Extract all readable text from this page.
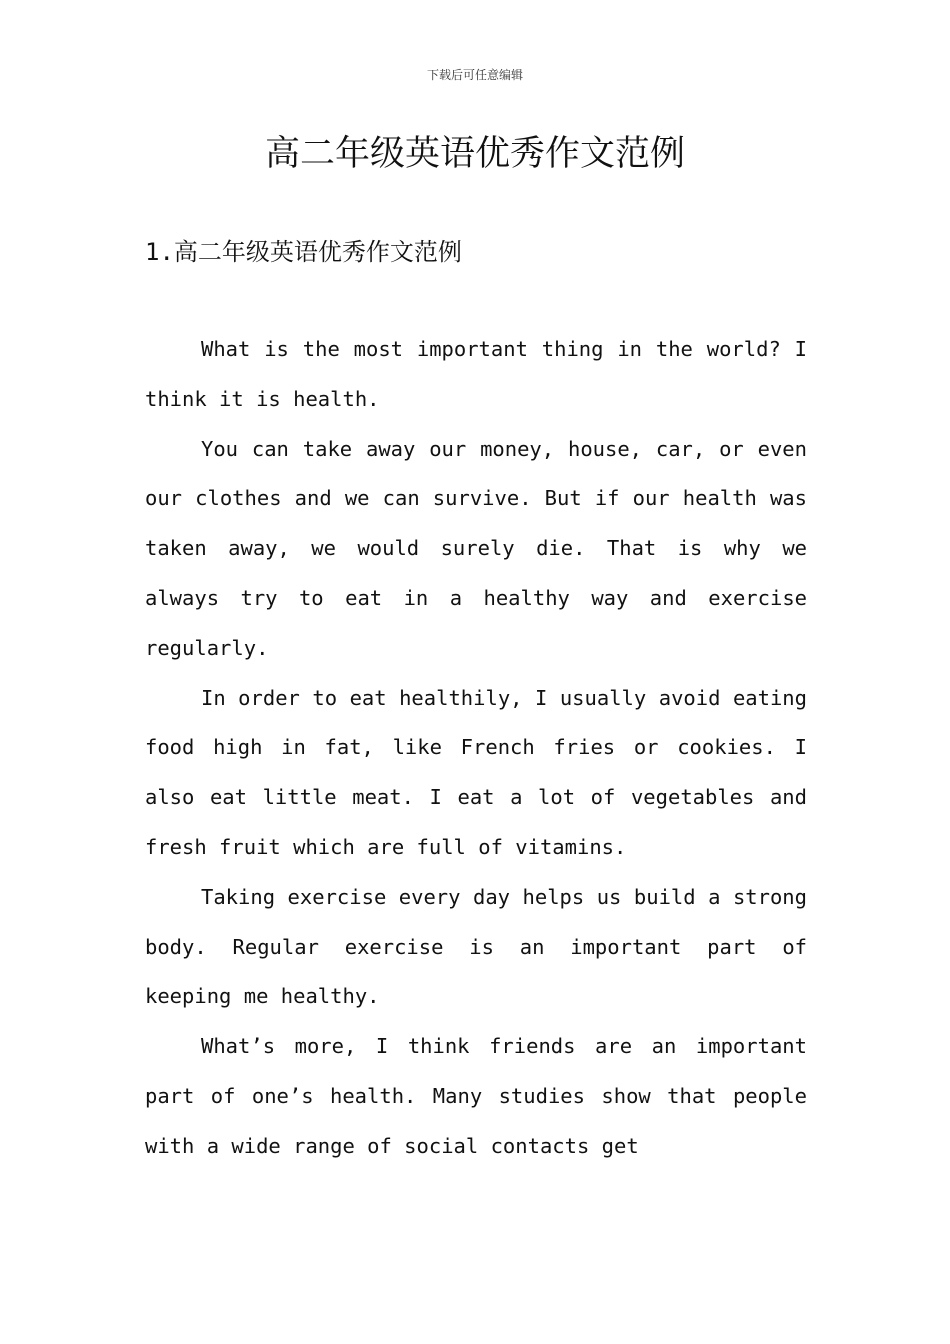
下载后可任意编辑
高二年级英语优秀作文范例
1.高二年级英语优秀作文范例

What is the most important thing in the world? I think it is health.

You can take away our money, house, car, or even our clothes and we can survive. But if our health was taken away, we would surely die. That is why we always try to eat in a healthy way and exercise regularly.

In order to eat healthily, I usually avoid eating food high in fat, like French fries or cookies. I also eat little meat. I eat a lot of vegetables and fresh fruit which are full of vitamins.

Taking exercise every day helps us build a strong body. Regular exercise is an important part of keeping me healthy.

What’s more, I think friends are an important part of one’s health. Many studies show that people with a wide range of social contacts get
